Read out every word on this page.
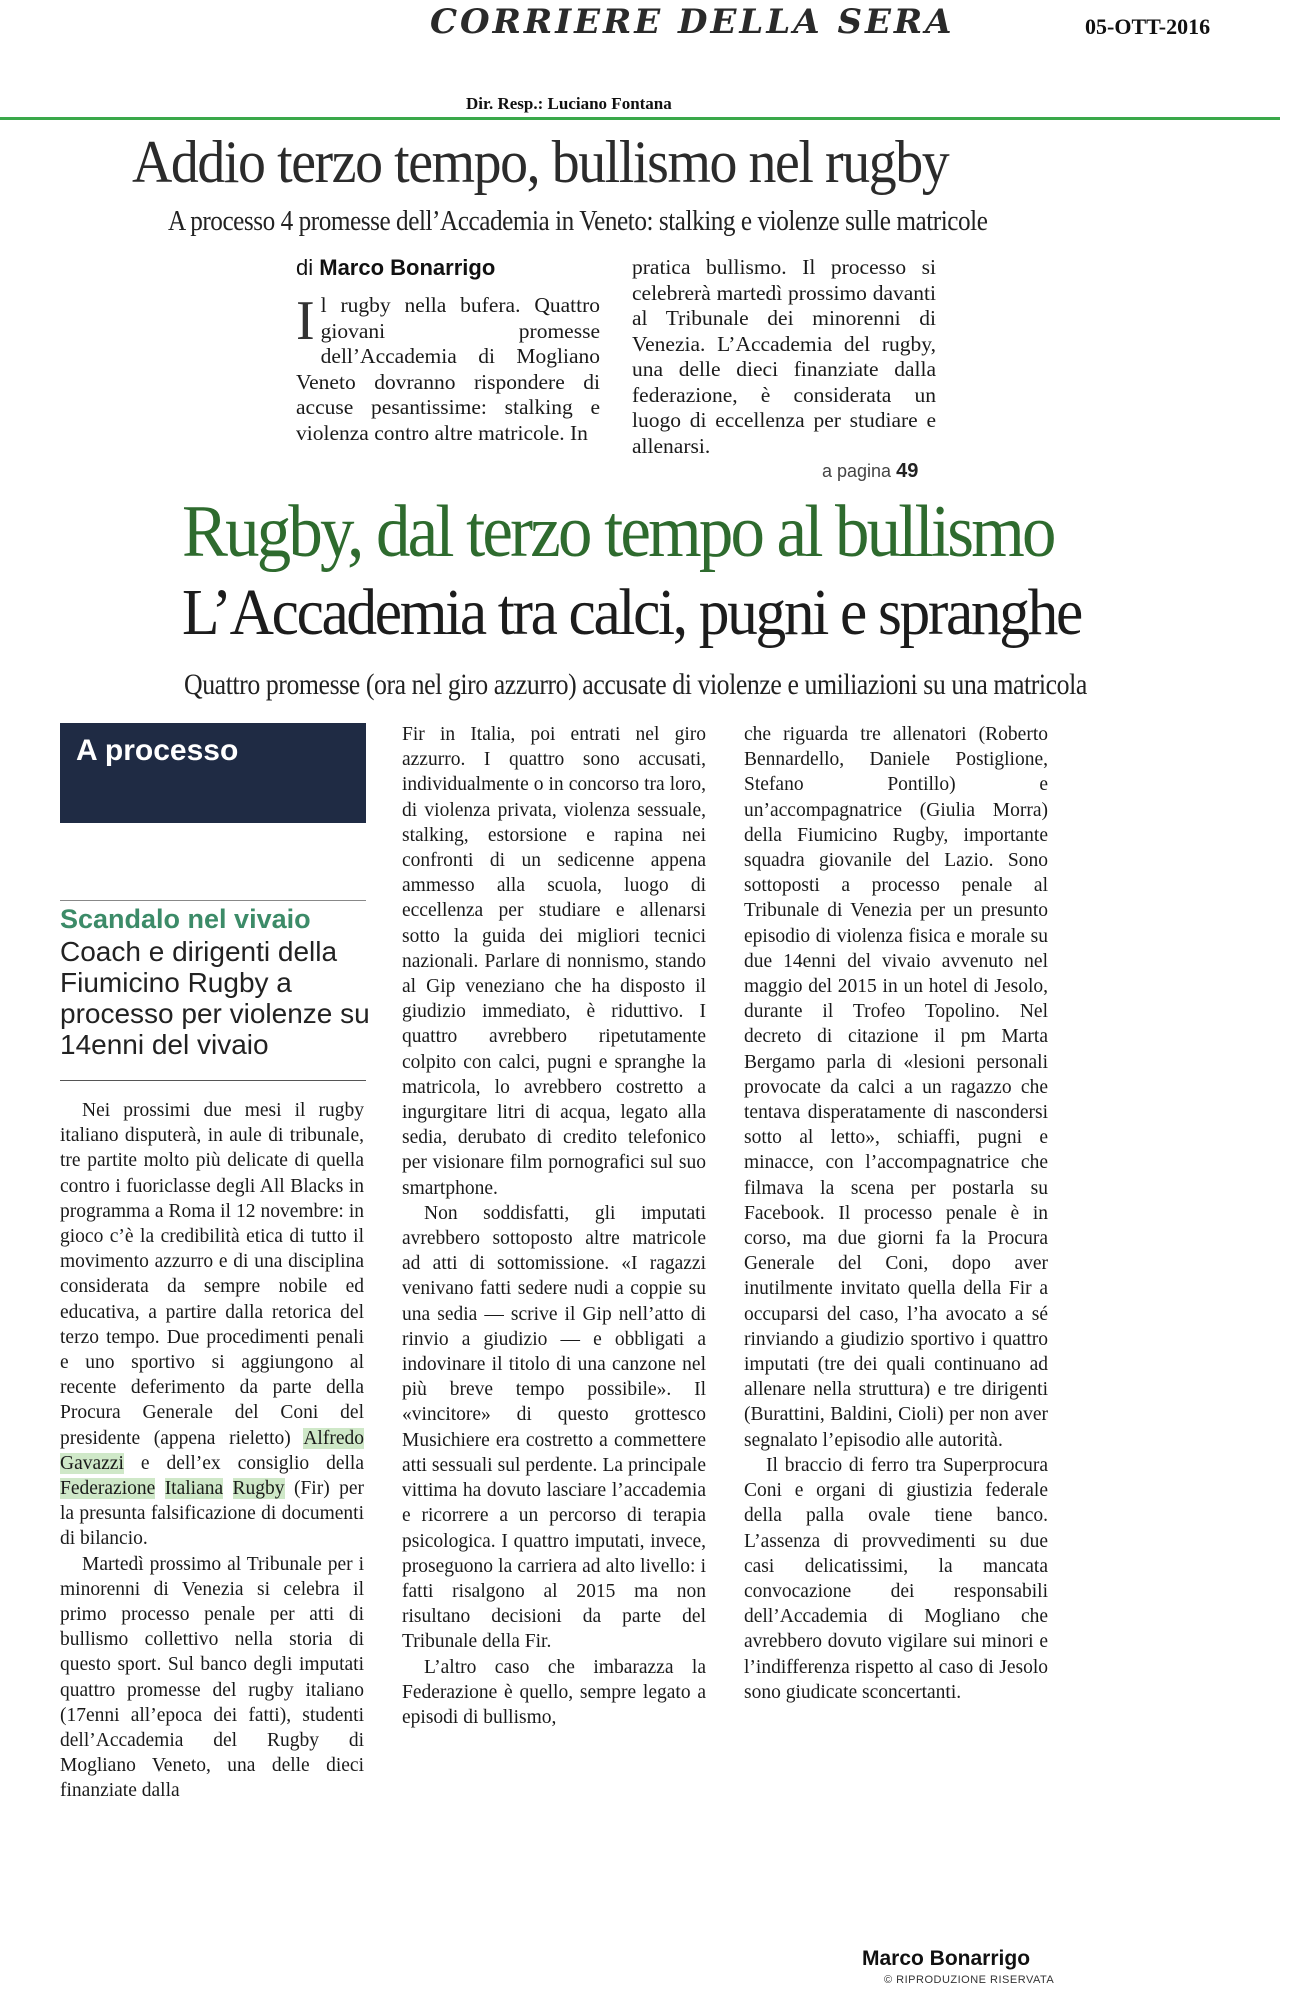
CORRIERE DELLA SERA	05-OTT-2016
Dir. Resp.: Luciano Fontana
Addio terzo tempo, bullismo nel rugby
A processo 4 promesse dell’Accademia in Veneto: stalking e violenze sulle matricole
di Marco Bonarrigo
Il rugby nella bufera. Quattro giovani promesse dell’Accademia di Mogliano Veneto dovranno rispondere di accuse pesantissime: stalking e violenza contro altre matricole. In
pratica bullismo. Il processo si celebrerà martedì prossimo davanti al Tribunale dei minorenni di Venezia. L’Accademia del rugby, una delle dieci finanziate dalla federazione, è considerata un luogo di eccellenza per studiare e allenarsi.
a pagina 49
Rugby, dal terzo tempo al bullismo
L’Accademia tra calci, pugni e spranghe
Quattro promesse (ora nel giro azzurro) accusate di violenze e umiliazioni su una matricola
A processo
Scandalo nel vivaio
Coach e dirigenti della Fiumicino Rugby a processo per violenze su 14enni del vivaio

Nei prossimi due mesi il rugby italiano disputerà, in aule di tribunale, tre partite molto più delicate di quella contro i fuoriclasse degli All Blacks in programma a Roma il 12 novembre: in gioco c’è la credibilità etica di tutto il movimento azzurro e di una disciplina considerata da sempre nobile ed educativa, a partire dalla retorica del terzo tempo. Due procedimenti penali e uno sportivo si aggiungono al recente deferimento da parte della Procura Generale del Coni del presidente (appena rieletto) Alfredo Gavazzi e dell’ex consiglio della Federazione Italiana Rugby (Fir) per la presunta falsificazione di documenti di bilancio.

Martedì prossimo al Tribunale per i minorenni di Venezia si celebra il primo processo penale per atti di bullismo collettivo nella storia di questo sport. Sul banco degli imputati quattro promesse del rugby italiano (17enni all’epoca dei fatti), studenti dell’Accademia del Rugby di Mogliano Veneto, una delle dieci finanziate dalla

Fir in Italia, poi entrati nel giro azzurro. I quattro sono accusati, individualmente o in concorso tra loro, di violenza privata, violenza sessuale, stalking, estorsione e rapina nei confronti di un sedicenne appena ammesso alla scuola, luogo di eccellenza per studiare e allenarsi sotto la guida dei migliori tecnici nazionali. Parlare di nonnismo, stando al Gip veneziano che ha disposto il giudizio immediato, è riduttivo. I quattro avrebbero ripetutamente colpito con calci, pugni e spranghe la matricola, lo avrebbero costretto a ingurgitare litri di acqua, legato alla sedia, derubato di credito telefonico per visionare film pornografici sul suo smartphone.

Non soddisfatti, gli imputati avrebbero sottoposto altre matricole ad atti di sottomissione. «I ragazzi venivano fatti sedere nudi a coppie su una sedia — scrive il Gip nell’atto di rinvio a giudizio — e obbligati a indovinare il titolo di una canzone nel più breve tempo possibile». Il «vincitore» di questo grottesco Musichiere era costretto a commettere atti sessuali sul perdente. La principale vittima ha dovuto lasciare l’accademia e ricorrere a un percorso di terapia psicologica. I quattro imputati, invece, proseguono la carriera ad alto livello: i fatti risalgono al 2015 ma non risultano decisioni da parte del Tribunale della Fir.

L’altro caso che imbarazza la Federazione è quello, sempre legato a episodi di bullismo,

che riguarda tre allenatori (Roberto Bennardello, Daniele Postiglione, Stefano Pontillo) e un’accompagnatrice (Giulia Morra) della Fiumicino Rugby, importante squadra giovanile del Lazio. Sono sottoposti a processo penale al Tribunale di Venezia per un presunto episodio di violenza fisica e morale su due 14enni del vivaio avvenuto nel maggio del 2015 in un hotel di Jesolo, durante il Trofeo Topolino. Nel decreto di citazione il pm Marta Bergamo parla di «lesioni personali provocate da calci a un ragazzo che tentava disperatamente di nascondersi sotto al letto», schiaffi, pugni e minacce, con l’accompagnatrice che filmava la scena per postarla su Facebook. Il processo penale è in corso, ma due giorni fa la Procura Generale del Coni, dopo aver inutilmente invitato quella della Fir a occuparsi del caso, l’ha avocato a sé rinviando a giudizio sportivo i quattro imputati (tre dei quali continuano ad allenare nella struttura) e tre dirigenti (Burattini, Baldini, Cioli) per non aver segnalato l’episodio alle autorità.

Il braccio di ferro tra Superprocura Coni e organi di giustizia federale della palla ovale tiene banco. L’assenza di provvedimenti su due casi delicatissimi, la mancata convocazione dei responsabili dell’Accademia di Mogliano che avrebbero dovuto vigilare sui minori e l’indifferenza rispetto al caso di Jesolo sono giudicate sconcertanti.

Marco Bonarrigo
© RIPRODUZIONE RISERVATA
